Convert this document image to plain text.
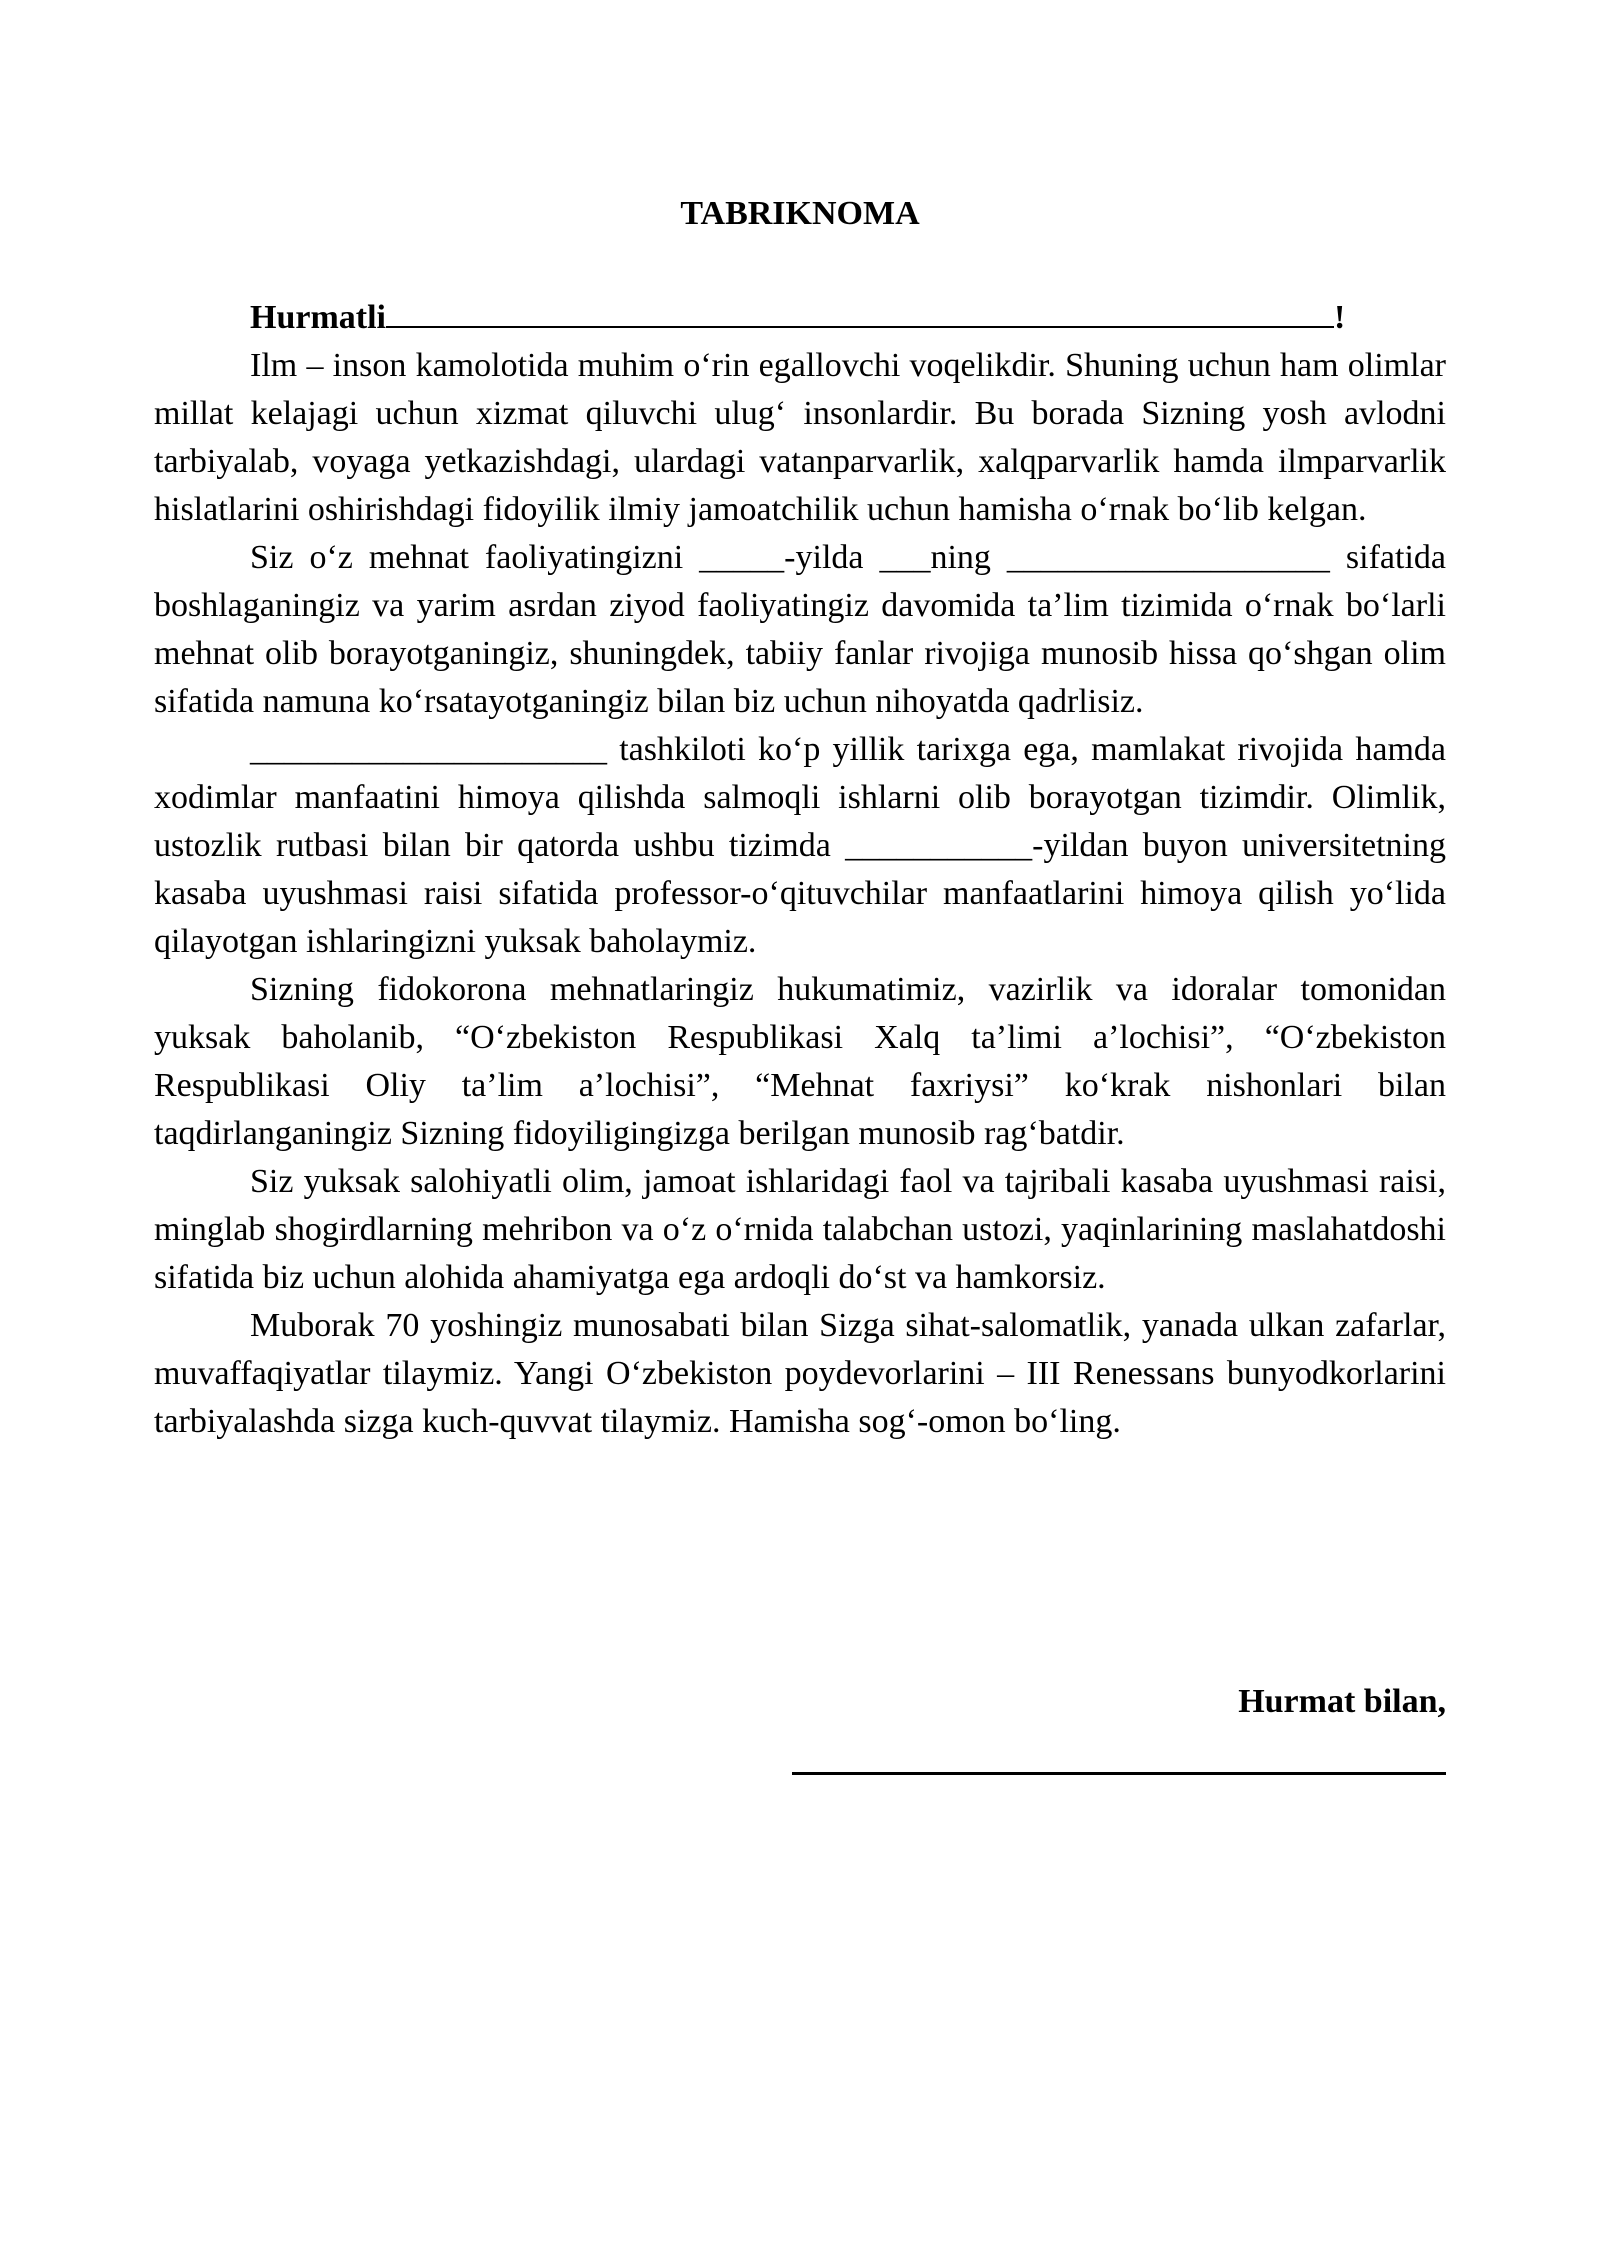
TABRIKNOMA

Hurmatli	!

Ilm – inson kamolotida muhim o‘rin egallovchi voqelikdir. Shuning uchun ham olimlar millat kelajagi uchun xizmat qiluvchi ulug‘ insonlardir. Bu borada Sizning yosh avlodni tarbiyalab, voyaga yetkazishdagi, ulardagi vatanparvarlik, xalqparvarlik hamda ilmparvarlik hislatlarini oshirishdagi fidoyilik ilmiy jamoatchilik uchun hamisha o‘rnak bo‘lib kelgan.

Siz o‘z mehnat faoliyatingizni _____-yilda ___ning ___________________ sifatida boshlaganingiz va yarim asrdan ziyod faoliyatingiz davomida ta’lim tizimida o‘rnak bo‘larli mehnat olib borayotganingiz, shuningdek, tabiiy fanlar rivojiga munosib hissa qo‘shgan olim sifatida namuna ko‘rsatayotganingiz bilan biz uchun nihoyatda qadrlisiz.

_____________________ tashkiloti ko‘p yillik tarixga ega, mamlakat rivojida hamda xodimlar manfaatini himoya qilishda salmoqli ishlarni olib borayotgan tizimdir. Olimlik, ustozlik rutbasi bilan bir qatorda ushbu tizimda ___________-yildan buyon universitetning kasaba uyushmasi raisi sifatida professor-o‘qituvchilar manfaatlarini himoya qilish yo‘lida qilayotgan ishlaringizni yuksak baholaymiz.

Sizning fidokorona mehnatlaringiz hukumatimiz, vazirlik va idoralar tomonidan yuksak baholanib, “O‘zbekiston Respublikasi Xalq ta’limi a’lochisi”, “O‘zbekiston Respublikasi Oliy ta’lim a’lochisi”, “Mehnat faxriysi” ko‘krak nishonlari bilan taqdirlanganingiz Sizning fidoyiligingizga berilgan munosib rag‘batdir.

Siz yuksak salohiyatli olim, jamoat ishlaridagi faol va tajribali kasaba uyushmasi raisi, minglab shogirdlarning mehribon va o‘z o‘rnida talabchan ustozi, yaqinlarining maslahatdoshi sifatida biz uchun alohida ahamiyatga ega ardoqli do‘st va hamkorsiz.

Muborak 70 yoshingiz munosabati bilan Sizga sihat-salomatlik, yanada ulkan zafarlar, muvaffaqiyatlar tilaymiz. Yangi O‘zbekiston poydevorlarini – III Renessans bunyodkorlarini tarbiyalashda sizga kuch-quvvat tilaymiz. Hamisha sog‘-omon bo‘ling.

Hurmat bilan,
